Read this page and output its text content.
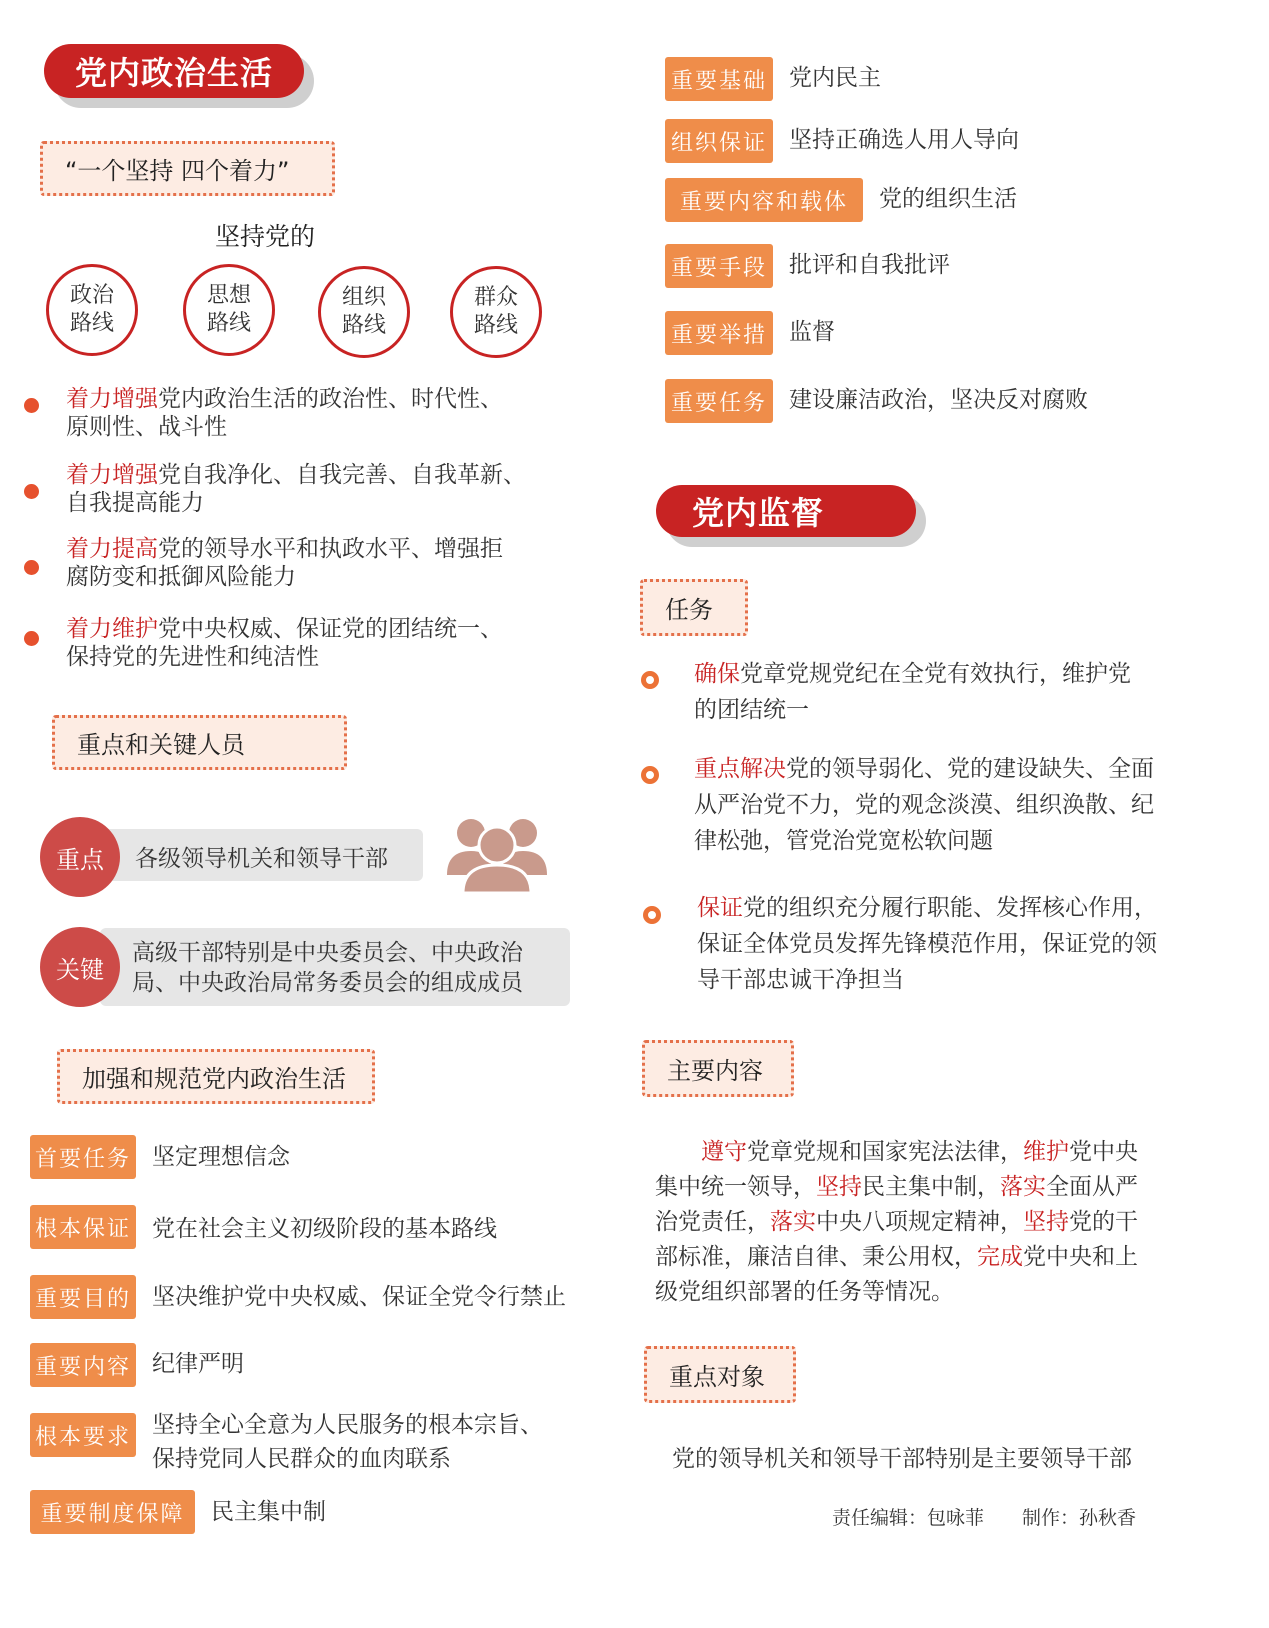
党内政治生活
“一个坚持 四个着力”
坚持党的
政治
路线
思想
路线
组织
路线
群众
路线
着力增强党内政治生活的政治性、时代性、
原则性、战斗性
着力增强党自我净化、自我完善、自我革新、
自我提高能力
着力提高党的领导水平和执政水平、增强拒
腐防变和抵御风险能力
着力维护党中央权威、保证党的团结统一、
保持党的先进性和纯洁性
重点和关键人员
各级领导机关和领导干部
重点
高级干部特别是中央委员会、中央政治
局、中央政治局常务委员会的组成成员
关键
加强和规范党内政治生活
首要任务 坚定理想信念
根本保证 党在社会主义初级阶段的基本路线
重要目的 坚决维护党中央权威、保证全党令行禁止
重要内容 纪律严明
根本要求 坚持全心全意为人民服务的根本宗旨、
保持党同人民群众的血肉联系
重要制度保障	民主集中制
重要基础 党内民主
组织保证 坚持正确选人用人导向
重要内容和载体	党的组织生活
重要手段 批评和自我批评
重要举措 监督
重要任务 建设廉洁政治，坚决反对腐败
党内监督
任务
确保党章党规党纪在全党有效执行，维护党
的团结统一
重点解决党的领导弱化、党的建设缺失、全面
从严治党不力，党的观念淡漠、组织涣散、纪
律松弛，管党治党宽松软问题
保证党的组织充分履行职能、发挥核心作用，
保证全体党员发挥先锋模范作用，保证党的领
导干部忠诚干净担当
主要内容
遵守党章党规和国家宪法法律，维护党中央
集中统一领导，坚持民主集中制，落实全面从严
治党责任，落实中央八项规定精神，坚持党的干
部标准，廉洁自律、秉公用权，完成党中央和上
级党组织部署的任务等情况。
重点对象
党的领导机关和领导干部特别是主要领导干部
责任编辑：包咏菲　　制作：孙秋香
